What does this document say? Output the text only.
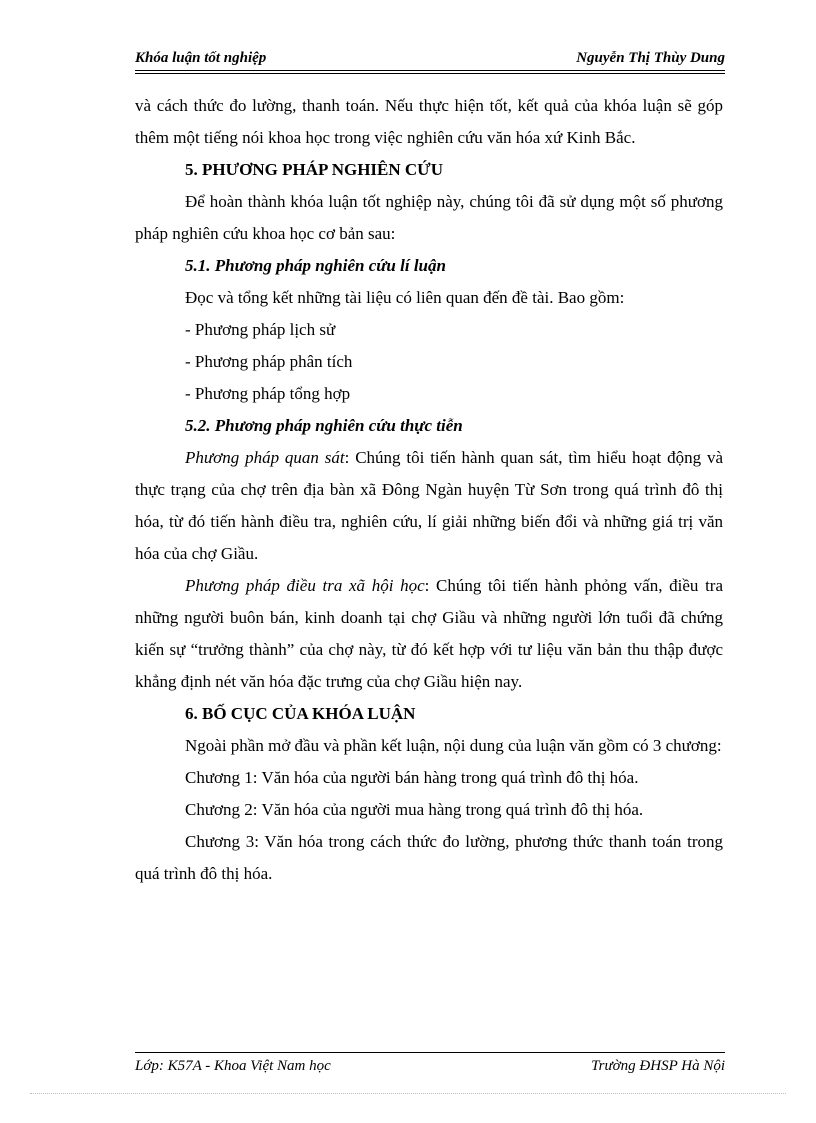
Khóa luận tốt nghiệp	Nguyễn Thị Thùy Dung

và cách thức đo lường, thanh toán. Nếu thực hiện tốt, kết quả của khóa luận sẽ góp thêm một tiếng nói khoa học trong việc nghiên cứu văn hóa xứ Kinh Bắc.

5. PHƯƠNG PHÁP NGHIÊN CỨU

Để hoàn thành khóa luận tốt nghiệp này, chúng tôi đã sử dụng một số phương pháp nghiên cứu khoa học cơ bản sau:

5.1. Phương pháp nghiên cứu lí luận

Đọc và tổng kết những tài liệu có liên quan đến đề tài. Bao gồm:

- Phương pháp lịch sử

- Phương pháp phân tích

- Phương pháp tổng hợp

5.2. Phương pháp nghiên cứu thực tiễn

Phương pháp quan sát: Chúng tôi tiến hành quan sát, tìm hiểu hoạt động và thực trạng của chợ trên địa bàn xã Đông Ngàn huyện Từ Sơn trong quá trình đô thị hóa, từ đó tiến hành điều tra, nghiên cứu, lí giải những biến đổi và những giá trị văn hóa của chợ Giầu.

Phương pháp điều tra xã hội học: Chúng tôi tiến hành phỏng vấn, điều tra những người buôn bán, kinh doanh tại chợ Giầu và những người lớn tuổi đã chứng kiến sự “trưởng thành” của chợ này, từ đó kết hợp với tư liệu văn bản thu thập được khẳng định nét văn hóa đặc trưng của chợ Giầu hiện nay.

6. BỐ CỤC CỦA KHÓA LUẬN

Ngoài phần mở đầu và phần kết luận, nội dung của luận văn gồm có 3 chương:

Chương 1: Văn hóa của người bán hàng trong quá trình đô thị hóa.

Chương 2: Văn hóa của người mua hàng trong quá trình đô thị hóa.

Chương 3: Văn hóa trong cách thức đo lường, phương thức thanh toán trong quá trình đô thị hóa.

Lớp: K57A - Khoa Việt Nam học	Trường ĐHSP Hà Nội
